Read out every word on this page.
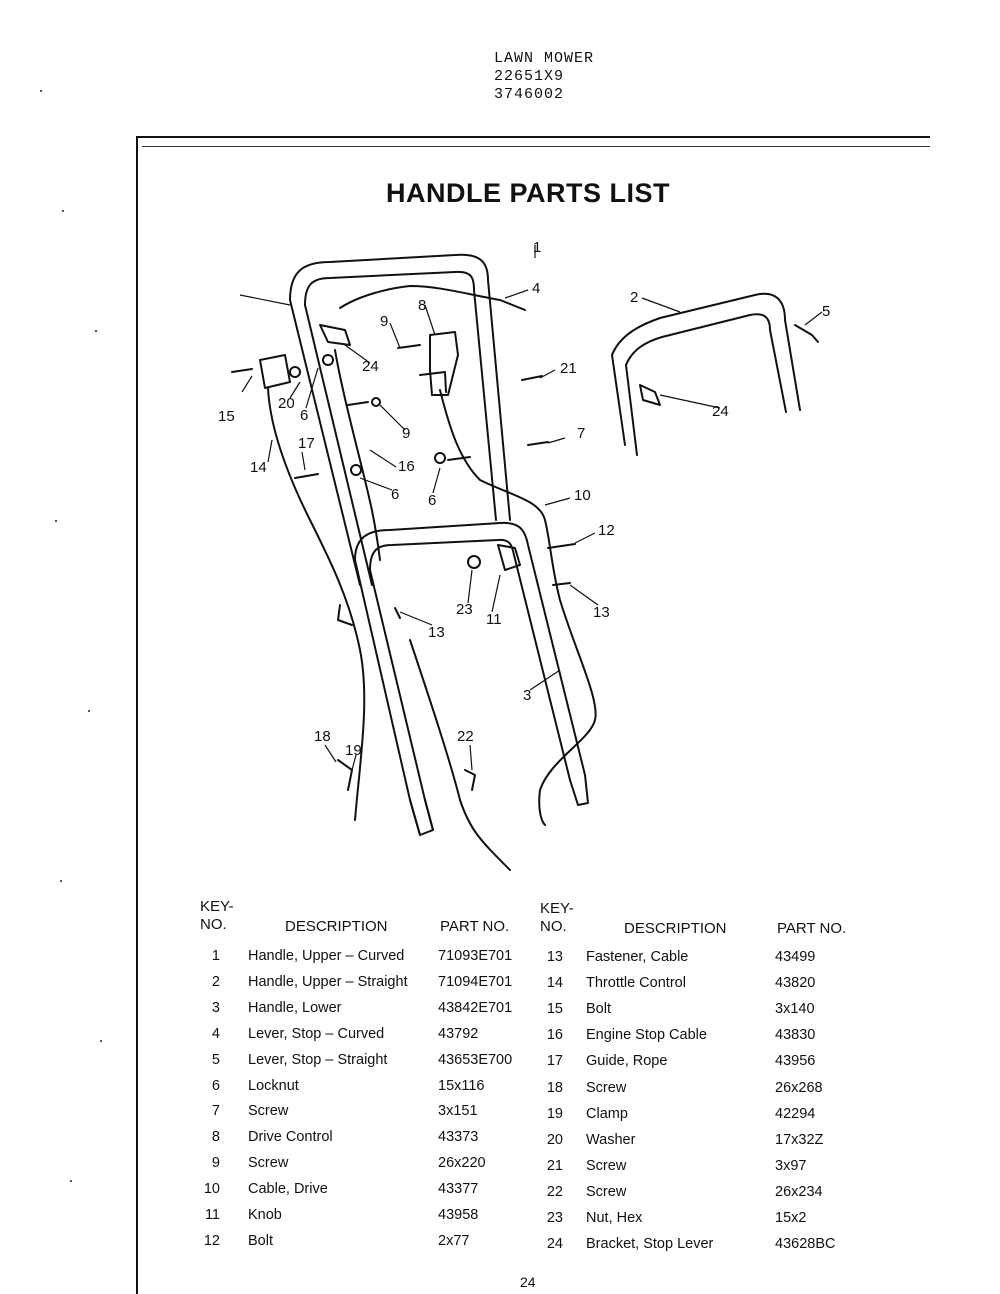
LAWN MOWER
22651X9
3746002
HANDLE PARTS LIST
1
2
3
4
5
6
6 6
7
8
9
9
10
11
12
13
13
14
15
16
17
18
19
20
21
22
23
24
24
KEY-
NO.	DESCRIPTION	PART NO.
KEY-
NO.	DESCRIPTION	PART NO.
1 Handle, Upper – Curved 71093E701
2 Handle, Upper – Straight 71094E701
3 Handle, Lower	43842E701
4 Lever, Stop – Curved	43792
5 Lever, Stop – Straight	43653E700
6 Locknut	15x116
7 Screw	3x151
8 Drive Control	43373
9 Screw	26x220
10 Cable, Drive	43377
11 Knob	43958
12 Bolt	2x77
13 Fastener, Cable	43499
14 Throttle Control	43820
15 Bolt	3x140
16 Engine Stop Cable	43830
17 Guide, Rope	43956
18 Screw	26x268
19 Clamp	42294
20 Washer	17x32Z
21 Screw	3x97
22 Screw	26x234
23 Nut, Hex	15x2
24 Bracket, Stop Lever	43628BC
24
